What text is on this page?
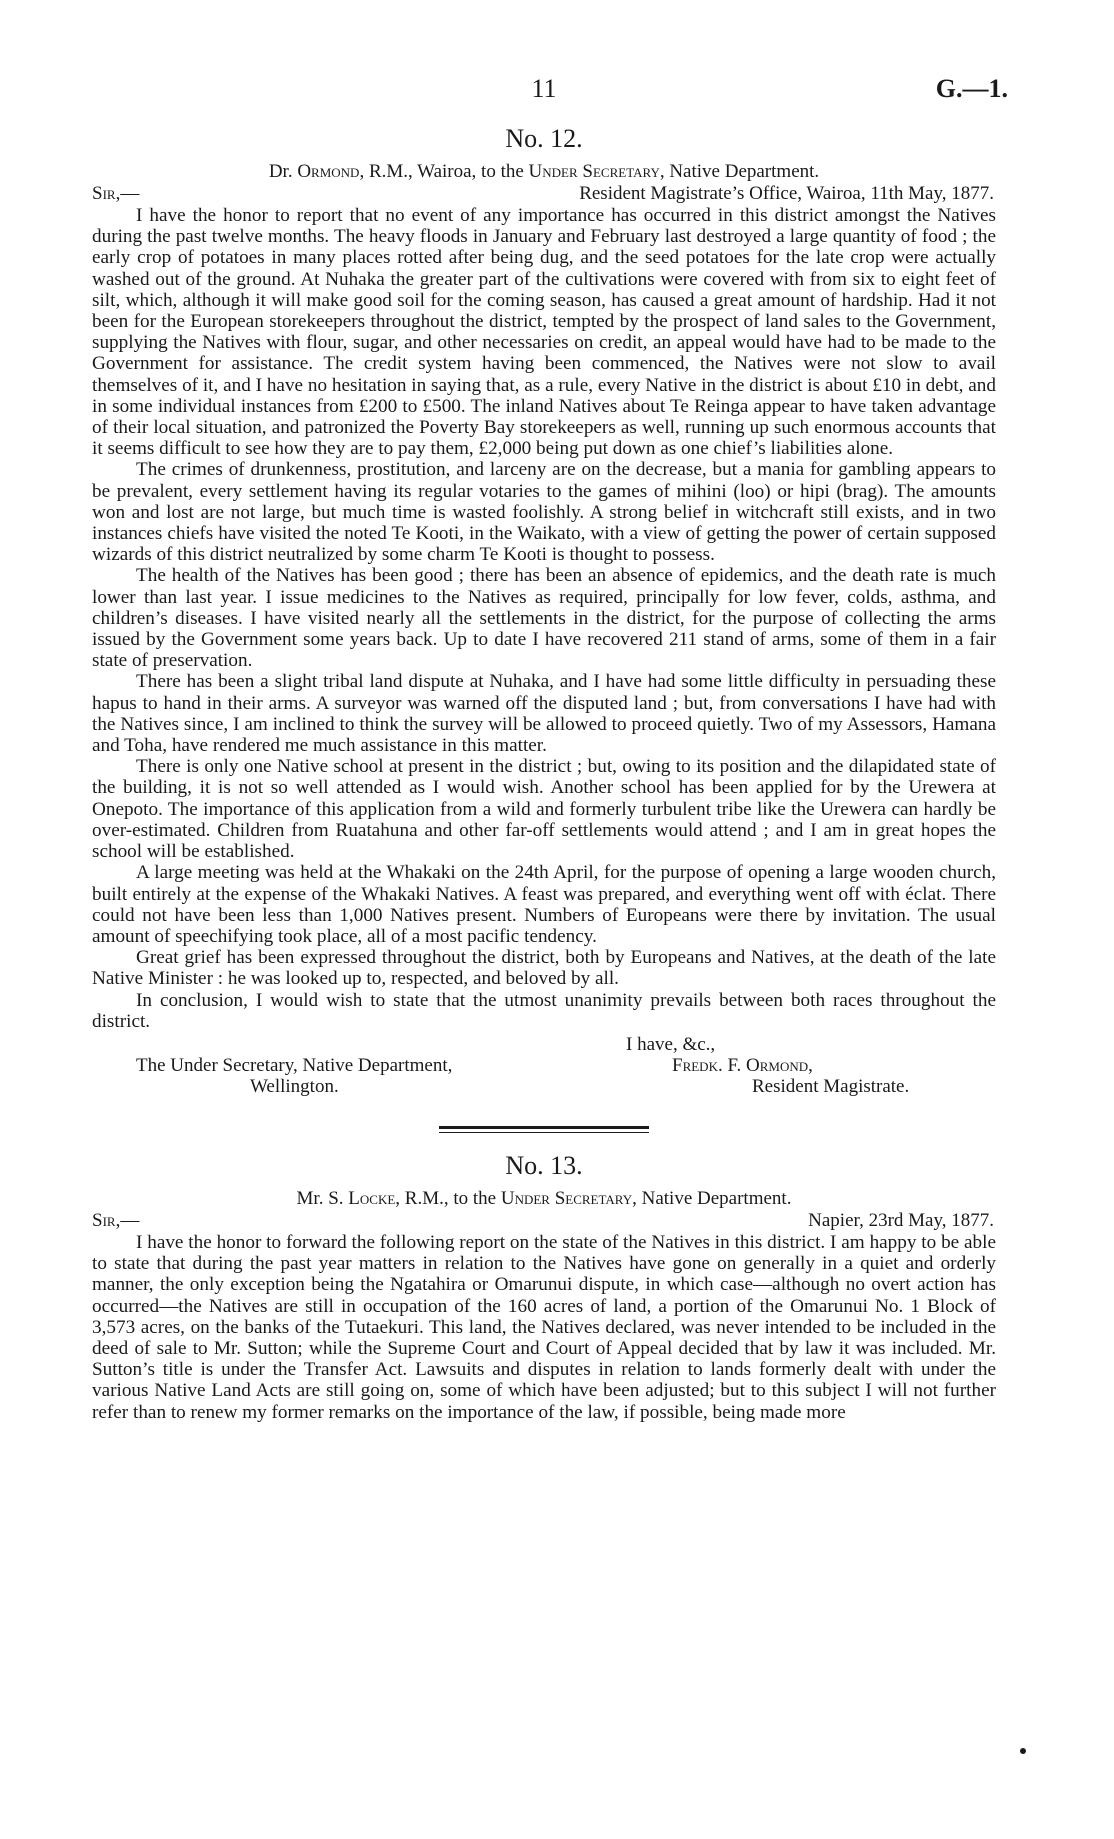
11	G.—1.
No. 12.
Dr. Ormond, R.M., Wairoa, to the Under Secretary, Native Department.
Sir,—	Resident Magistrate’s Office, Wairoa, 11th May, 1877.

I have the honor to report that no event of any importance has occurred in this district amongst the Natives during the past twelve months. The heavy floods in January and February last destroyed a large quantity of food ; the early crop of potatoes in many places rotted after being dug, and the seed potatoes for the late crop were actually washed out of the ground. At Nuhaka the greater part of the cultivations were covered with from six to eight feet of silt, which, although it will make good soil for the coming season, has caused a great amount of hardship. Had it not been for the European storekeepers throughout the district, tempted by the prospect of land sales to the Government, supplying the Natives with flour, sugar, and other necessaries on credit, an appeal would have had to be made to the Government for assistance. The credit system having been commenced, the Natives were not slow to avail themselves of it, and I have no hesitation in saying that, as a rule, every Native in the district is about £10 in debt, and in some individual instances from £200 to £500. The inland Natives about Te Reinga appear to have taken advantage of their local situation, and patronized the Poverty Bay storekeepers as well, running up such enormous accounts that it seems difficult to see how they are to pay them, £2,000 being put down as one chief’s liabilities alone.

The crimes of drunkenness, prostitution, and larceny are on the decrease, but a mania for gambling appears to be prevalent, every settlement having its regular votaries to the games of mihini (loo) or hipi (brag). The amounts won and lost are not large, but much time is wasted foolishly. A strong belief in witchcraft still exists, and in two instances chiefs have visited the noted Te Kooti, in the Waikato, with a view of getting the power of certain supposed wizards of this district neutralized by some charm Te Kooti is thought to possess.

The health of the Natives has been good ; there has been an absence of epidemics, and the death rate is much lower than last year. I issue medicines to the Natives as required, principally for low fever, colds, asthma, and children’s diseases. I have visited nearly all the settlements in the district, for the purpose of collecting the arms issued by the Government some years back. Up to date I have recovered 211 stand of arms, some of them in a fair state of preservation.

There has been a slight tribal land dispute at Nuhaka, and I have had some little difficulty in persuading these hapus to hand in their arms. A surveyor was warned off the disputed land ; but, from conversations I have had with the Natives since, I am inclined to think the survey will be allowed to proceed quietly. Two of my Assessors, Hamana and Toha, have rendered me much assistance in this matter.

There is only one Native school at present in the district ; but, owing to its position and the dilapidated state of the building, it is not so well attended as I would wish. Another school has been applied for by the Urewera at Onepoto. The importance of this application from a wild and formerly turbulent tribe like the Urewera can hardly be over-estimated. Children from Ruatahuna and other far-off settlements would attend ; and I am in great hopes the school will be established.

A large meeting was held at the Whakaki on the 24th April, for the purpose of opening a large wooden church, built entirely at the expense of the Whakaki Natives. A feast was prepared, and everything went off with éclat. There could not have been less than 1,000 Natives present. Numbers of Europeans were there by invitation. The usual amount of speechifying took place, all of a most pacific tendency.

Great grief has been expressed throughout the district, both by Europeans and Natives, at the death of the late Native Minister : he was looked up to, respected, and beloved by all.

In conclusion, I would wish to state that the utmost unanimity prevails between both races throughout the district.

I have, &c.,
The Under Secretary, Native Department,
Wellington.
Fredk. F. Ormond,
Resident Magistrate.
No. 13.
Mr. S. Locke, R.M., to the Under Secretary, Native Department.
Sir,—	Napier, 23rd May, 1877.

I have the honor to forward the following report on the state of the Natives in this district. I am happy to be able to state that during the past year matters in relation to the Natives have gone on generally in a quiet and orderly manner, the only exception being the Ngatahira or Omarunui dispute, in which case—although no overt action has occurred—the Natives are still in occupation of the 160 acres of land, a portion of the Omarunui No. 1 Block of 3,573 acres, on the banks of the Tutaekuri. This land, the Natives declared, was never intended to be included in the deed of sale to Mr. Sutton; while the Supreme Court and Court of Appeal decided that by law it was included. Mr. Sutton’s title is under the Transfer Act. Lawsuits and disputes in relation to lands formerly dealt with under the various Native Land Acts are still going on, some of which have been adjusted; but to this subject I will not further refer than to renew my former remarks on the importance of the law, if possible, being made more
